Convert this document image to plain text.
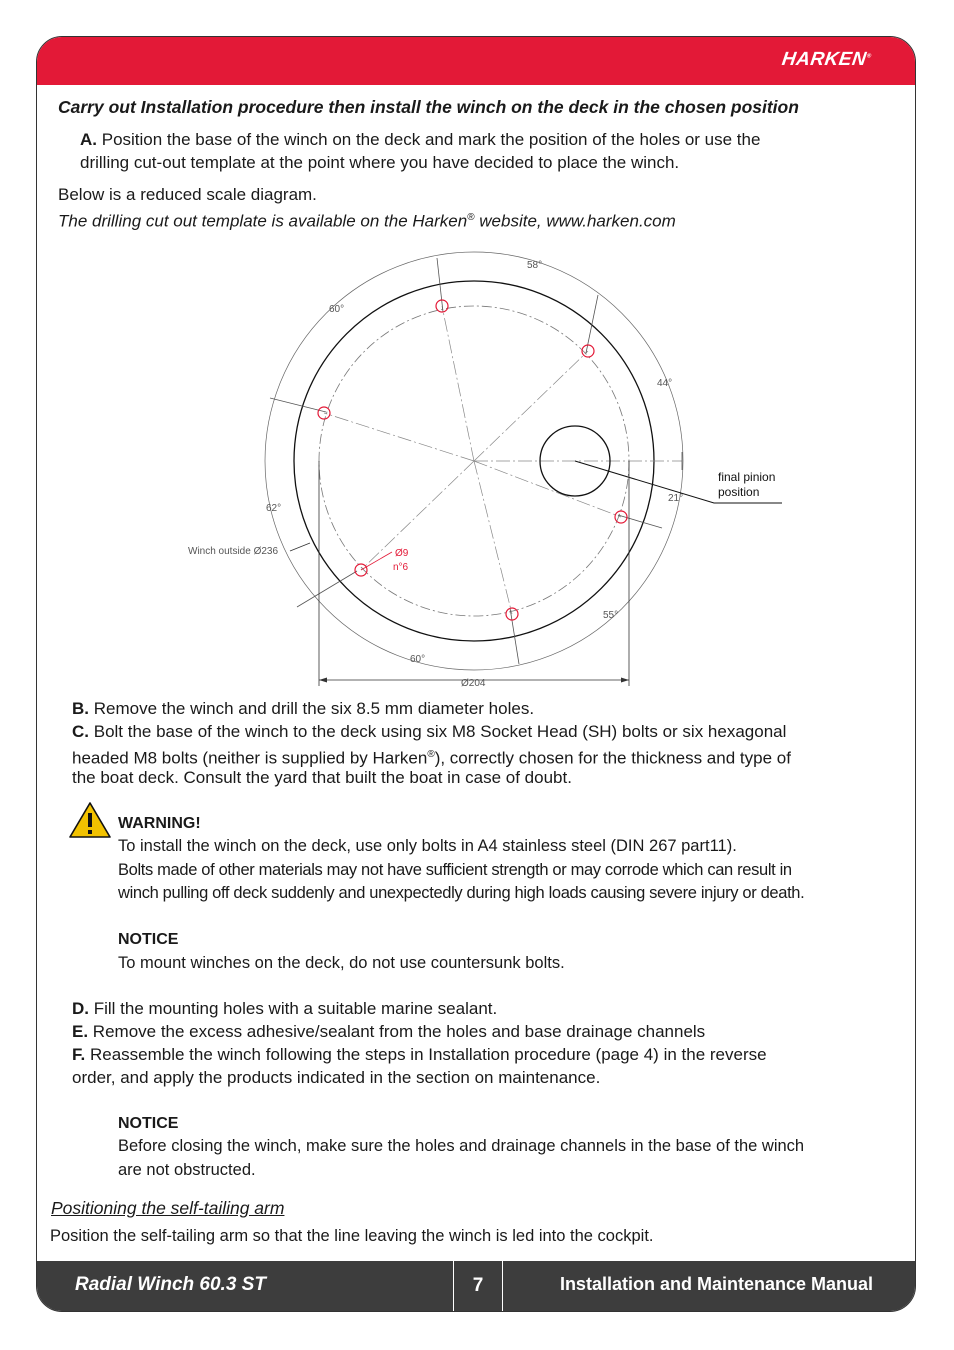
HARKEN®
Radial Winch 60.3 ST	7	Installation and Maintenance Manual
Carry out Installation procedure then install the winch on the deck in the chosen position
A. Position the base of the winch on the deck and mark the position of the holes or use the
drilling cut-out template at the point where you have decided to place the winch.
Below is a reduced scale diagram.
The drilling cut out template is available on the Harken® website, www.harken.com
58°
60°
44°
21°
62°
55°
60°
Winch outside Ø236
Ø204
Ø9
n°6
final pinion
position
B. Remove the winch and drill the six 8.5 mm diameter holes.
C. Bolt the base of the winch to the deck using six M8 Socket Head (SH) bolts or six hexagonal
headed M8 bolts (neither is supplied by Harken®), correctly chosen for the thickness and type of
the boat deck. Consult the yard that built the boat in case of doubt.
WARNING!
To install the winch on the deck, use only bolts in A4 stainless steel (DIN 267 part11).
Bolts made of other materials may not have sufficient strength or may corrode which can result in
winch pulling off deck suddenly and unexpectedly during high loads causing severe injury or death.
NOTICE
To mount winches on the deck, do not use countersunk bolts.
D. Fill the mounting holes with a suitable marine sealant.
E. Remove the excess adhesive/sealant from the holes and base drainage channels
F. Reassemble the winch following the steps in Installation procedure (page 4) in the reverse
order, and apply the products indicated in the section on maintenance.
NOTICE
Before closing the winch, make sure the holes and drainage channels in the base of the winch
are not obstructed.
Positioning the self-tailing arm
Position the self-tailing arm so that the line leaving the winch is led into the cockpit.
